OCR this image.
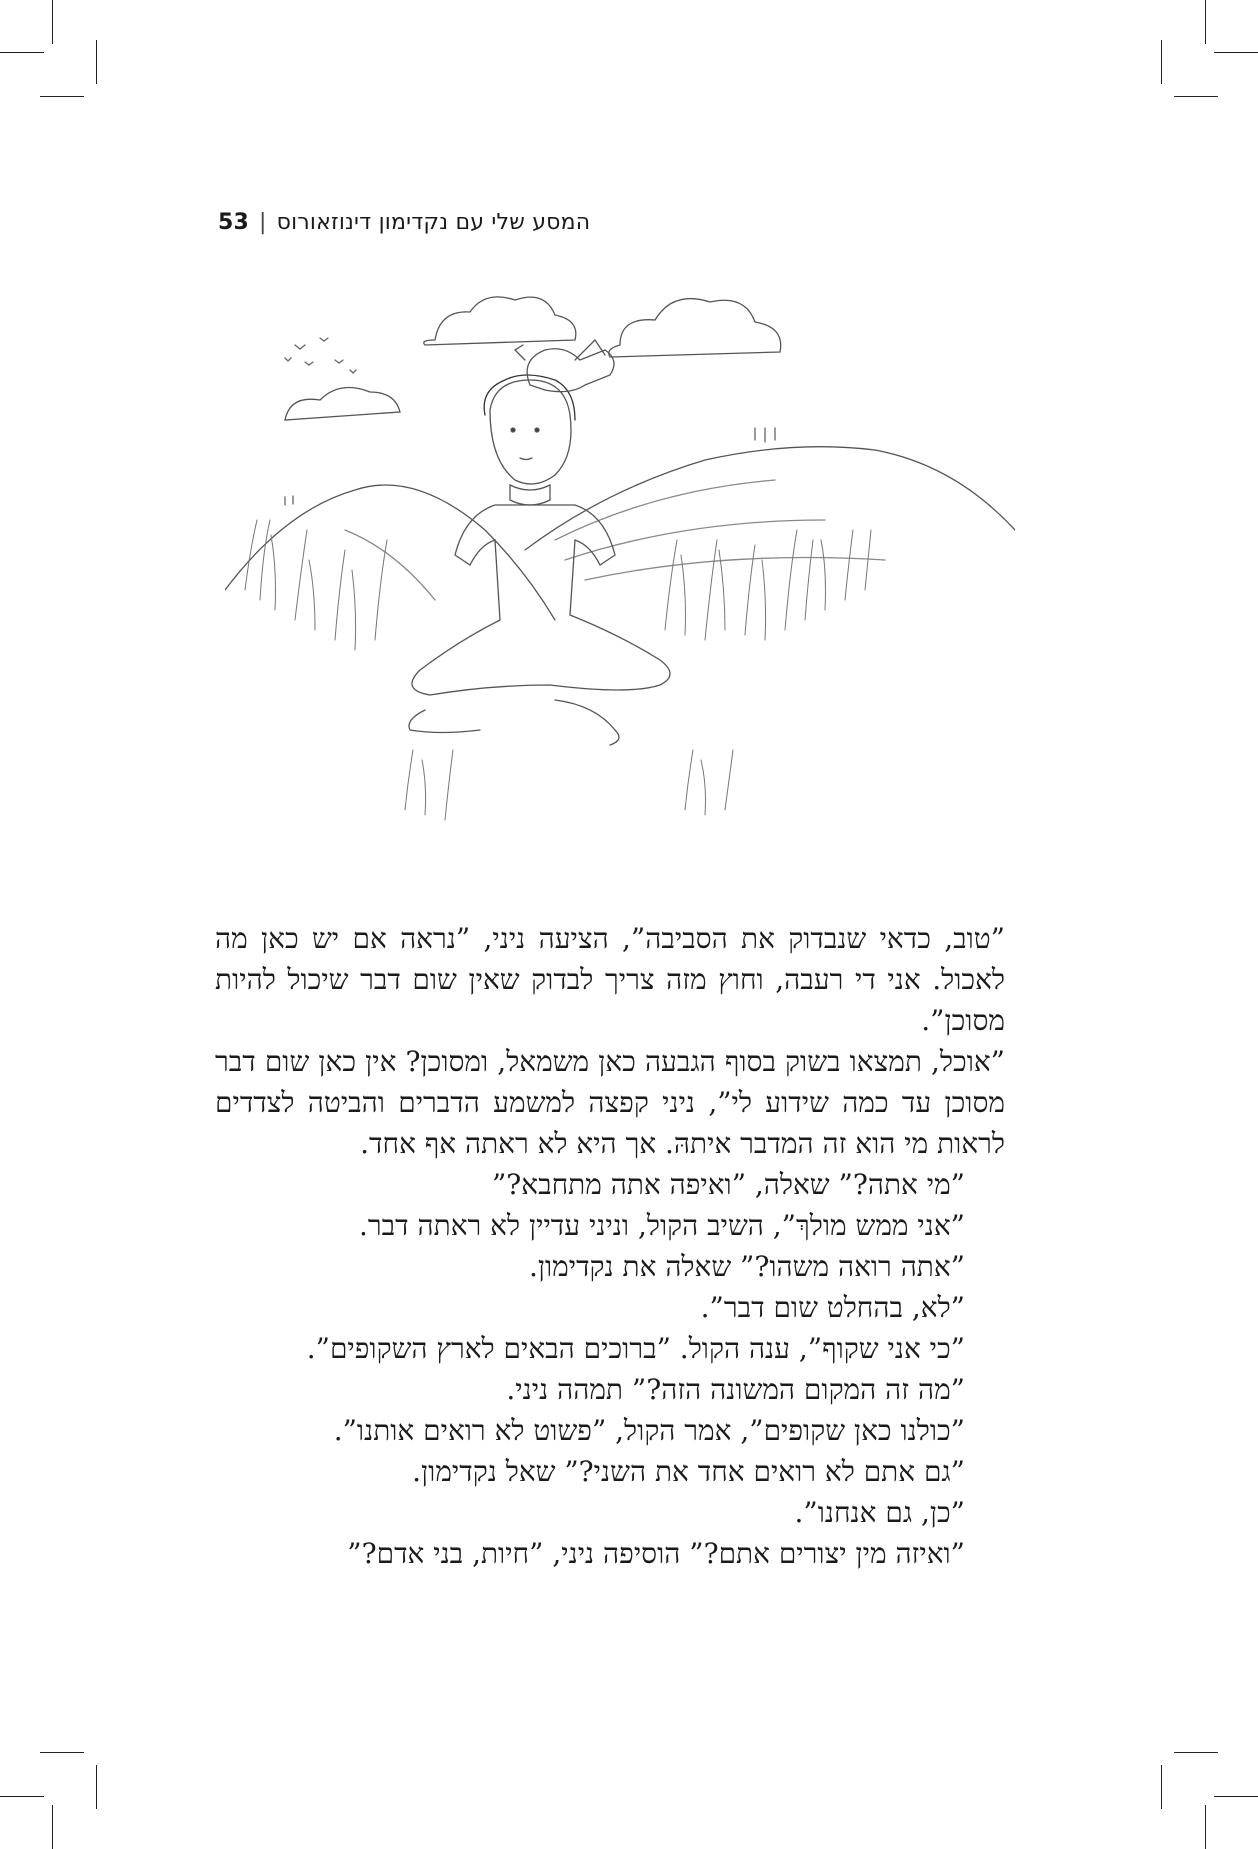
המסע שלי עם נקדימון דינוזאורוס
|
53

”טוב, כדאי שנבדוק את הסביבה”, הציעה ניני, ”נראה אם יש כאן מה לאכול. אני די רעבה, וחוץ מזה צריך לבדוק שאין שום דבר שיכול להיות מסוכן”.

”אוכל, תמצאו בשוק בסוף הגבעה כאן משמאל, ומסוכן? אין כאן שום דבר מסוכן עד כמה שידוע לי”, ניני קפצה למשמע הדברים והביטה לצדדים לראות מי הוא זה המדבר איתהּ. אך היא לא ראתה אף אחד.

”מי אתה?” שאלה, ”ואיפה אתה מתחבא?”

”אני ממש מולךְ”, השיב הקול, וניני עדיין לא ראתה דבר.

”אתה רואה משהו?” שאלה את נקדימון.

”לא, בהחלט שום דבר”.

”כי אני שקוף”, ענה הקול. ”ברוכים הבאים לארץ השקופים”.

”מה זה המקום המשונה הזה?” תמהה ניני.

”כולנו כאן שקופים”, אמר הקול, ”פשוט לא רואים אותנו”.

”גם אתם לא רואים אחד את השני?” שאל נקדימון.

”כן, גם אנחנו”.

”ואיזה מין יצורים אתם?” הוסיפה ניני, ”חיות, בני אדם?”
